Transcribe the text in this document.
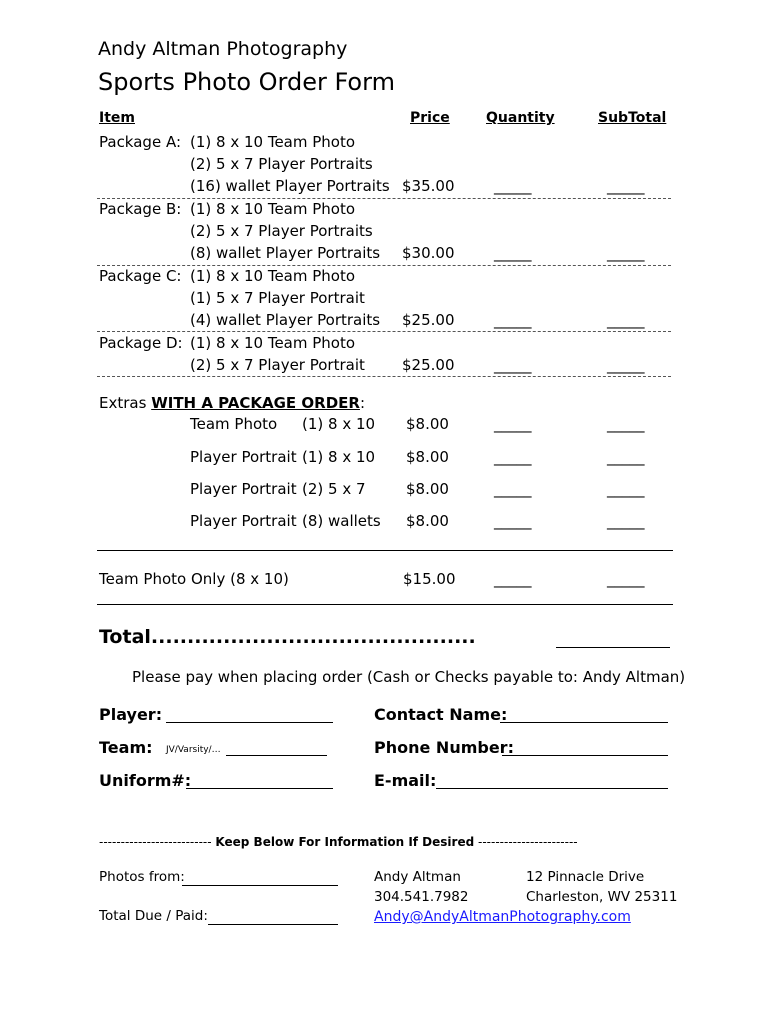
Andy Altman Photography
Sports Photo Order Form
Item	Price	Quantity	SubTotal
Package A: (1) 8 x 10 Team Photo
(2) 5 x 7 Player Portraits
(16) wallet Player Portraits $35.00	_____	_____
Package B: (1) 8 x 10 Team Photo
(2) 5 x 7 Player Portraits
(8) wallet Player Portraits $30.00	_____	_____
Package C: (1) 8 x 10 Team Photo
(1) 5 x 7 Player Portrait
(4) wallet Player Portraits $25.00	_____	_____
Package D: (1) 8 x 10 Team Photo
(2) 5 x 7 Player Portrait $25.00	_____	_____
Extras WITH A PACKAGE ORDER:
Team Photo (1) 8 x 10 $8.00	_____	_____
Player Portrait (1) 8 x 10 $8.00	_____	_____
Player Portrait (2) 5 x 7	$8.00	_____	_____
Player Portrait (8) wallets $8.00	_____	_____
Team Photo Only (8 x 10)	$15.00	_____	_____
Total.............................................
Please pay when placing order (Cash or Checks payable to: Andy Altman)
Player:
Team: JV/Varsity/…
Uniform#:
Contact Name:
Phone Number:
E-mail:
-------------------------- Keep Below For Information If Desired -----------------------
Photos from:
Total Due / Paid:
Andy Altman
304.541.7982
Andy@AndyAltmanPhotography.com
12 Pinnacle Drive
Charleston, WV 25311
